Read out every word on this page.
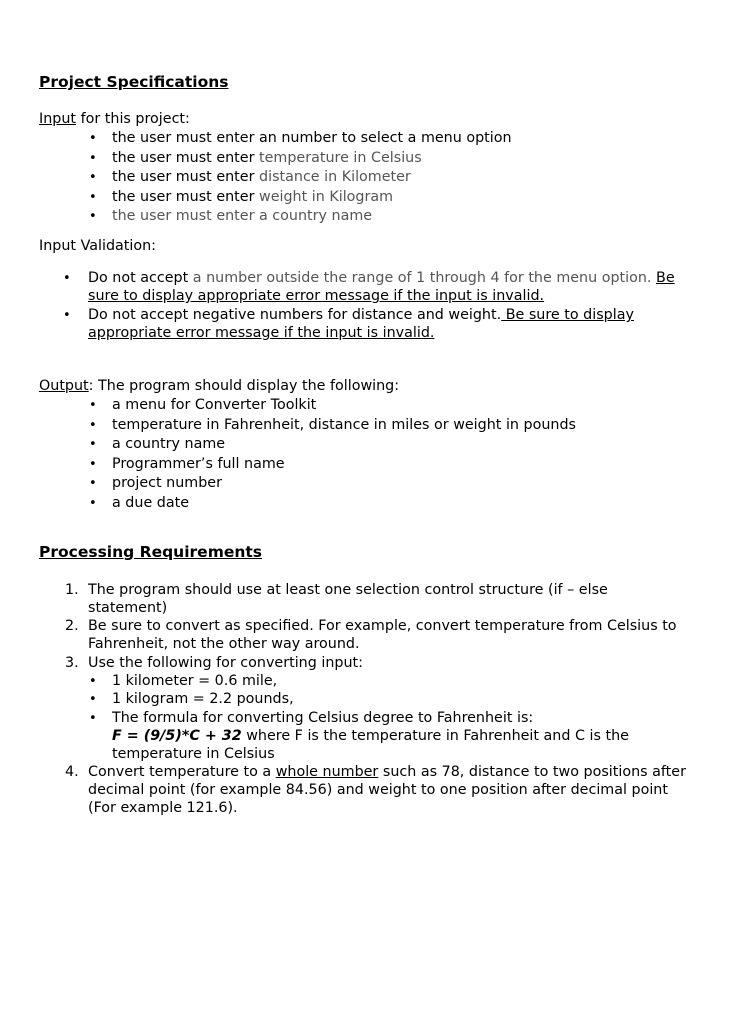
Project Specifications
Input for this project:
• the user must enter an number to select a menu option
• the user must enter temperature in Celsius
• the user must enter distance in Kilometer
• the user must enter weight in Kilogram
• the user must enter a country name
Input Validation:
• Do not accept a number outside the range of 1 through 4 for the menu option. Be
sure to display appropriate error message if the input is invalid.
• Do not accept negative numbers for distance and weight. Be sure to display
appropriate error message if the input is invalid.
Output: The program should display the following:
• a menu for Converter Toolkit
• temperature in Fahrenheit, distance in miles or weight in pounds
• a country name
• Programmer’s full name
• project number
• a due date
Processing Requirements
1. The program should use at least one selection control structure (if – else
statement)
2. Be sure to convert as specified. For example, convert temperature from Celsius to
Fahrenheit, not the other way around.
3. Use the following for converting input:
• 1 kilometer = 0.6 mile,
• 1 kilogram = 2.2 pounds,
• The formula for converting Celsius degree to Fahrenheit is:
F = (9/5)*C + 32 where F is the temperature in Fahrenheit and C is the
temperature in Celsius
4. Convert temperature to a whole number such as 78, distance to two positions after
decimal point (for example 84.56) and weight to one position after decimal point
(For example 121.6).
